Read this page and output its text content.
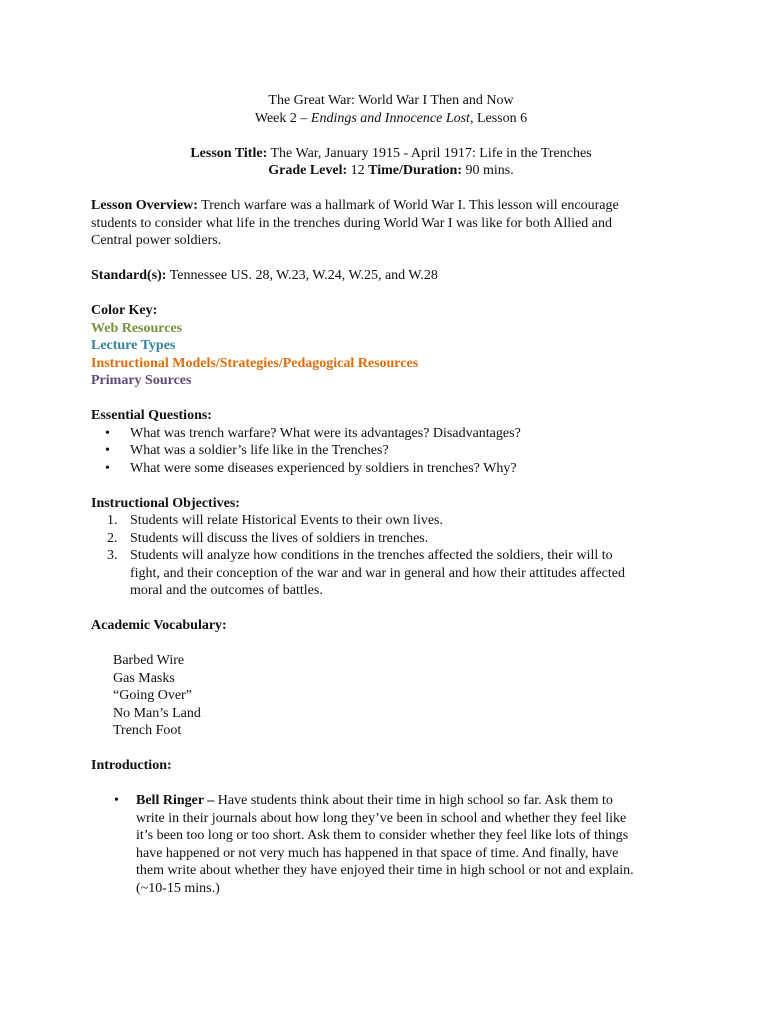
The Great War: World War I Then and Now
Week 2 – Endings and Innocence Lost, Lesson 6
Lesson Title: The War, January 1915 - April 1917: Life in the Trenches
Grade Level: 12 Time/Duration: 90 mins.
Lesson Overview: Trench warfare was a hallmark of World War I. This lesson will encourage
students to consider what life in the trenches during World War I was like for both Allied and
Central power soldiers.
Standard(s): Tennessee US. 28, W.23, W.24, W.25, and W.28
Color Key:
Web Resources
Lecture Types
Instructional Models/Strategies/Pedagogical Resources
Primary Sources
Essential Questions:
• What was trench warfare? What were its advantages? Disadvantages?
• What was a soldier’s life like in the Trenches?
• What were some diseases experienced by soldiers in trenches? Why?
Instructional Objectives:
1. Students will relate Historical Events to their own lives.
2. Students will discuss the lives of soldiers in trenches.
3. Students will analyze how conditions in the trenches affected the soldiers, their will to
fight, and their conception of the war and war in general and how their attitudes affected
moral and the outcomes of battles.
Academic Vocabulary:
Barbed Wire
Gas Masks
“Going Over”
No Man’s Land
Trench Foot
Introduction:
• Bell Ringer – Have students think about their time in high school so far. Ask them to
write in their journals about how long they’ve been in school and whether they feel like
it’s been too long or too short. Ask them to consider whether they feel like lots of things
have happened or not very much has happened in that space of time. And finally, have
them write about whether they have enjoyed their time in high school or not and explain.
(~10-15 mins.)
